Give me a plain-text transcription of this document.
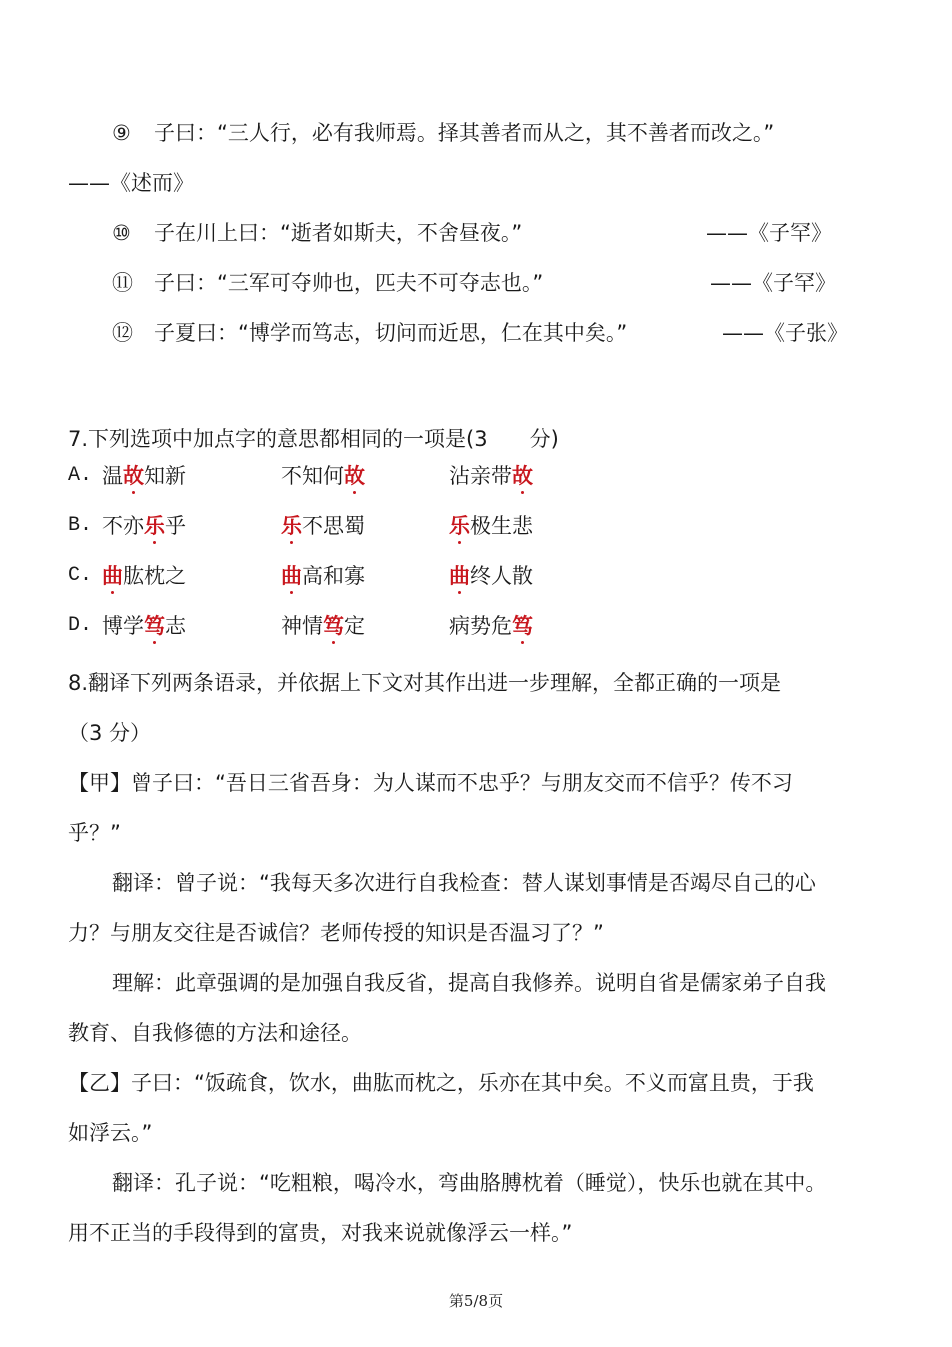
⑨ 子曰：“三人行，必有我师焉。择其善者而从之，其不善者而改之。”
——《述而》
⑩ 子在川上曰：“逝者如斯夫，不舍昼夜。”	——《子罕》
⑪ 子曰：“三军可夺帅也，匹夫不可夺志也。”	——《子罕》
⑫ 子夏曰：“博学而笃志，切问而近思，仁在其中矣。”	——《子张》
7.下列选项中加点字的意思都相同的一项是(3　　分)
A. 温故知新	不知何故	沾亲带故
B. 不亦乐乎	乐不思蜀	乐极生悲
C. 曲肱枕之	曲高和寡	曲终人散
D. 博学笃志	神情笃定	病势危笃
8.翻译下列两条语录，并依据上下文对其作出进一步理解，全都正确的一项是
（3 分）
【甲】曾子曰：“吾日三省吾身：为人谋而不忠乎？与朋友交而不信乎？传不习
乎？”
翻译：曾子说：“我每天多次进行自我检查：替人谋划事情是否竭尽自己的心
力？与朋友交往是否诚信？老师传授的知识是否温习了？”
理解：此章强调的是加强自我反省，提高自我修养。说明自省是儒家弟子自我
教育、自我修德的方法和途径。
【乙】子曰：“饭疏食，饮水，曲肱而枕之，乐亦在其中矣。不义而富且贵，于我
如浮云。”
翻译：孔子说：“吃粗粮，喝冷水，弯曲胳膊枕着（睡觉），快乐也就在其中。
用不正当的手段得到的富贵，对我来说就像浮云一样。”
第5/8页
